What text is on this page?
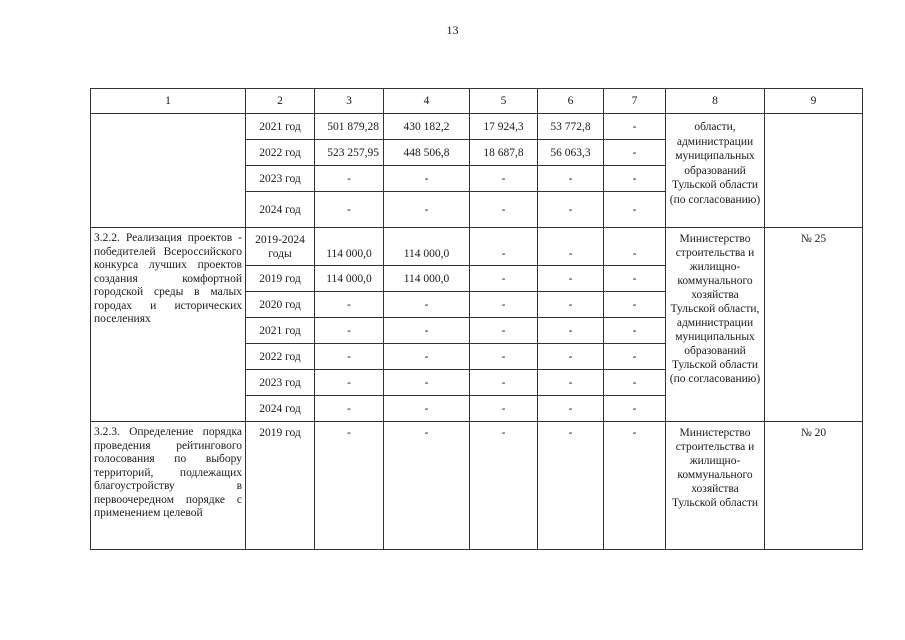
13
1	2	3	4	5	6	7	8	9
	2021 год	501 879,28	430 182,2	17 924,3	53 772,8	-	области, администрации муниципальных образований Тульской области (по согласованию)	
	2022 год	523 257,95	448 506,8	18 687,8	56 063,3	-		
	2023 год	-	-	-	-	-		
	2024 год	-	-	-	-	-		
3.2.2. Реализация проектов - победителей Всероссийского конкурса лучших проектов создания комфортной городской среды в малых городах и исторических поселениях	2019-2024 годы	114 000,0	114 000,0	-	-	-	Министерство строительства и жилищно-коммунального хозяйства Тульской области, администрации муниципальных образований Тульской области (по согласованию)	№ 25
	2019 год	114 000,0	114 000,0	-	-	-		
	2020 год	-	-	-	-	-		
	2021 год	-	-	-	-	-		
	2022 год	-	-	-	-	-		
	2023 год	-	-	-	-	-		
	2024 год	-	-	-	-	-		
3.2.3. Определение порядка проведения рейтингового голосования по выбору территорий, подлежащих благоустройству в первоочередном порядке с применением целевой	2019 год	-	-	-	-	-	Министерство строительства и жилищно-коммунального хозяйства Тульской области	№ 20
